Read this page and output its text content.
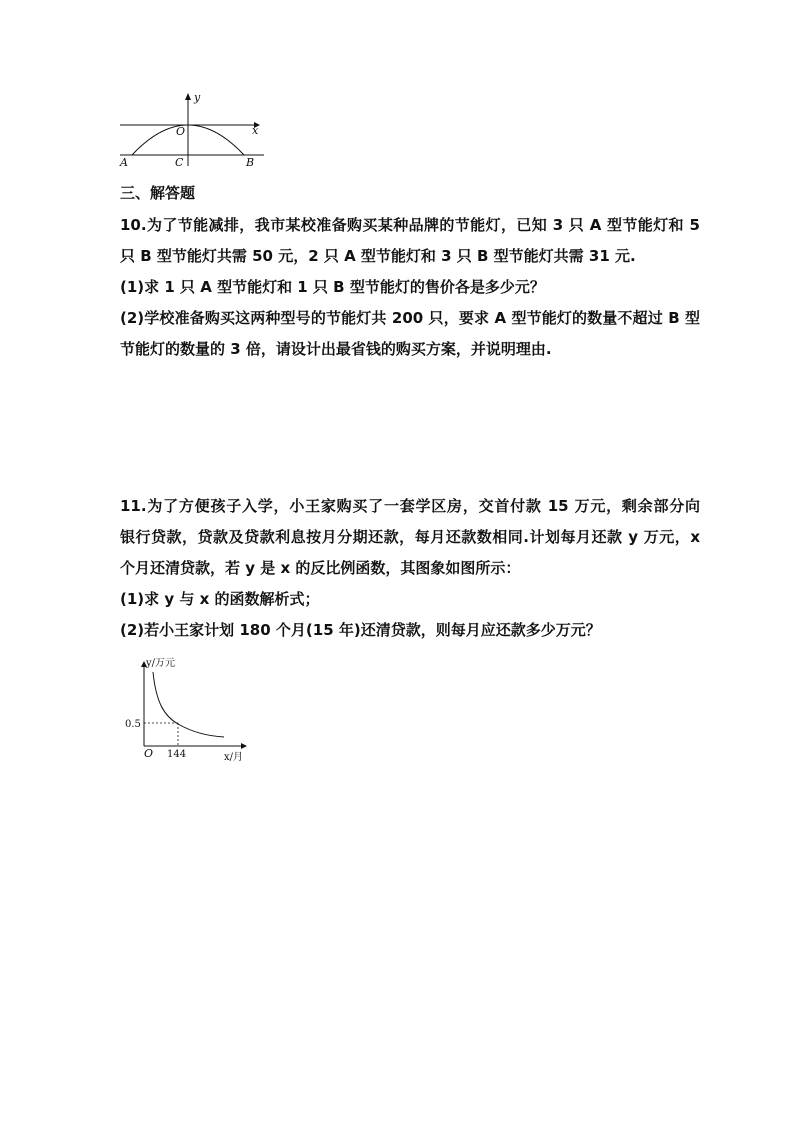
y
x
O
A	C	B
三、解答题
10.为了节能减排，我市某校准备购买某种品牌的节能灯，已知 3 只 A 型节能灯和 5
只 B 型节能灯共需 50 元，2 只 A 型节能灯和 3 只 B 型节能灯共需 31 元.
(1)求 1 只 A 型节能灯和 1 只 B 型节能灯的售价各是多少元？
(2)学校准备购买这两种型号的节能灯共 200 只，要求 A 型节能灯的数量不超过 B 型
节能灯的数量的 3 倍，请设计出最省钱的购买方案，并说明理由.
11.为了方便孩子入学，小王家购买了一套学区房，交首付款 15 万元，剩余部分向
银行贷款，贷款及贷款利息按月分期还款，每月还款数相同.计划每月还款 y 万元，x
个月还清贷款，若 y 是 x 的反比例函数，其图象如图所示：
(1)求 y 与 x 的函数解析式；
(2)若小王家计划 180 个月(15 年)还清贷款，则每月应还款多少万元？
y/万元
x/月
O
0.5
144
